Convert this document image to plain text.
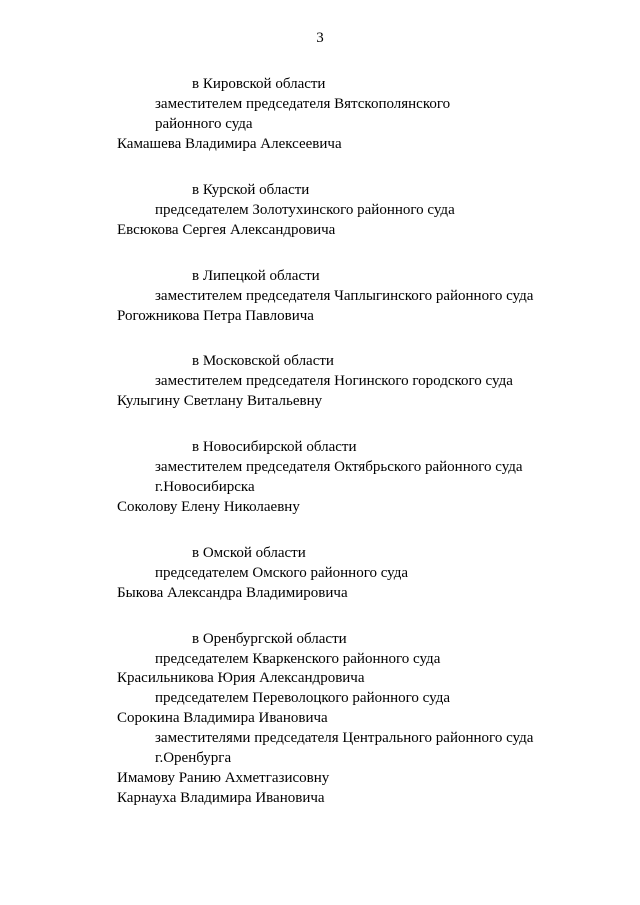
3
в Кировской области
заместителем председателя Вятскополянского
районного суда
Камашева Владимира Алексеевича
в Курской области
председателем Золотухинского районного суда
Евсюкова Сергея Александровича
в Липецкой области
заместителем председателя Чаплыгинского районного суда
Рогожникова Петра Павловича
в Московской области
заместителем председателя Ногинского городского суда
Кулыгину Светлану Витальевну
в Новосибирской области
заместителем председателя Октябрьского районного суда
г.Новосибирска
Соколову Елену Николаевну
в Омской области
председателем Омского районного суда
Быкова Александра Владимировича
в Оренбургской области
председателем Кваркенского районного суда
Красильникова Юрия Александровича
председателем Переволоцкого районного суда
Сорокина Владимира Ивановича
заместителями председателя Центрального районного суда
г.Оренбурга
Имамову Ранию Ахметгазисовну
Карнауха Владимира Ивановича
